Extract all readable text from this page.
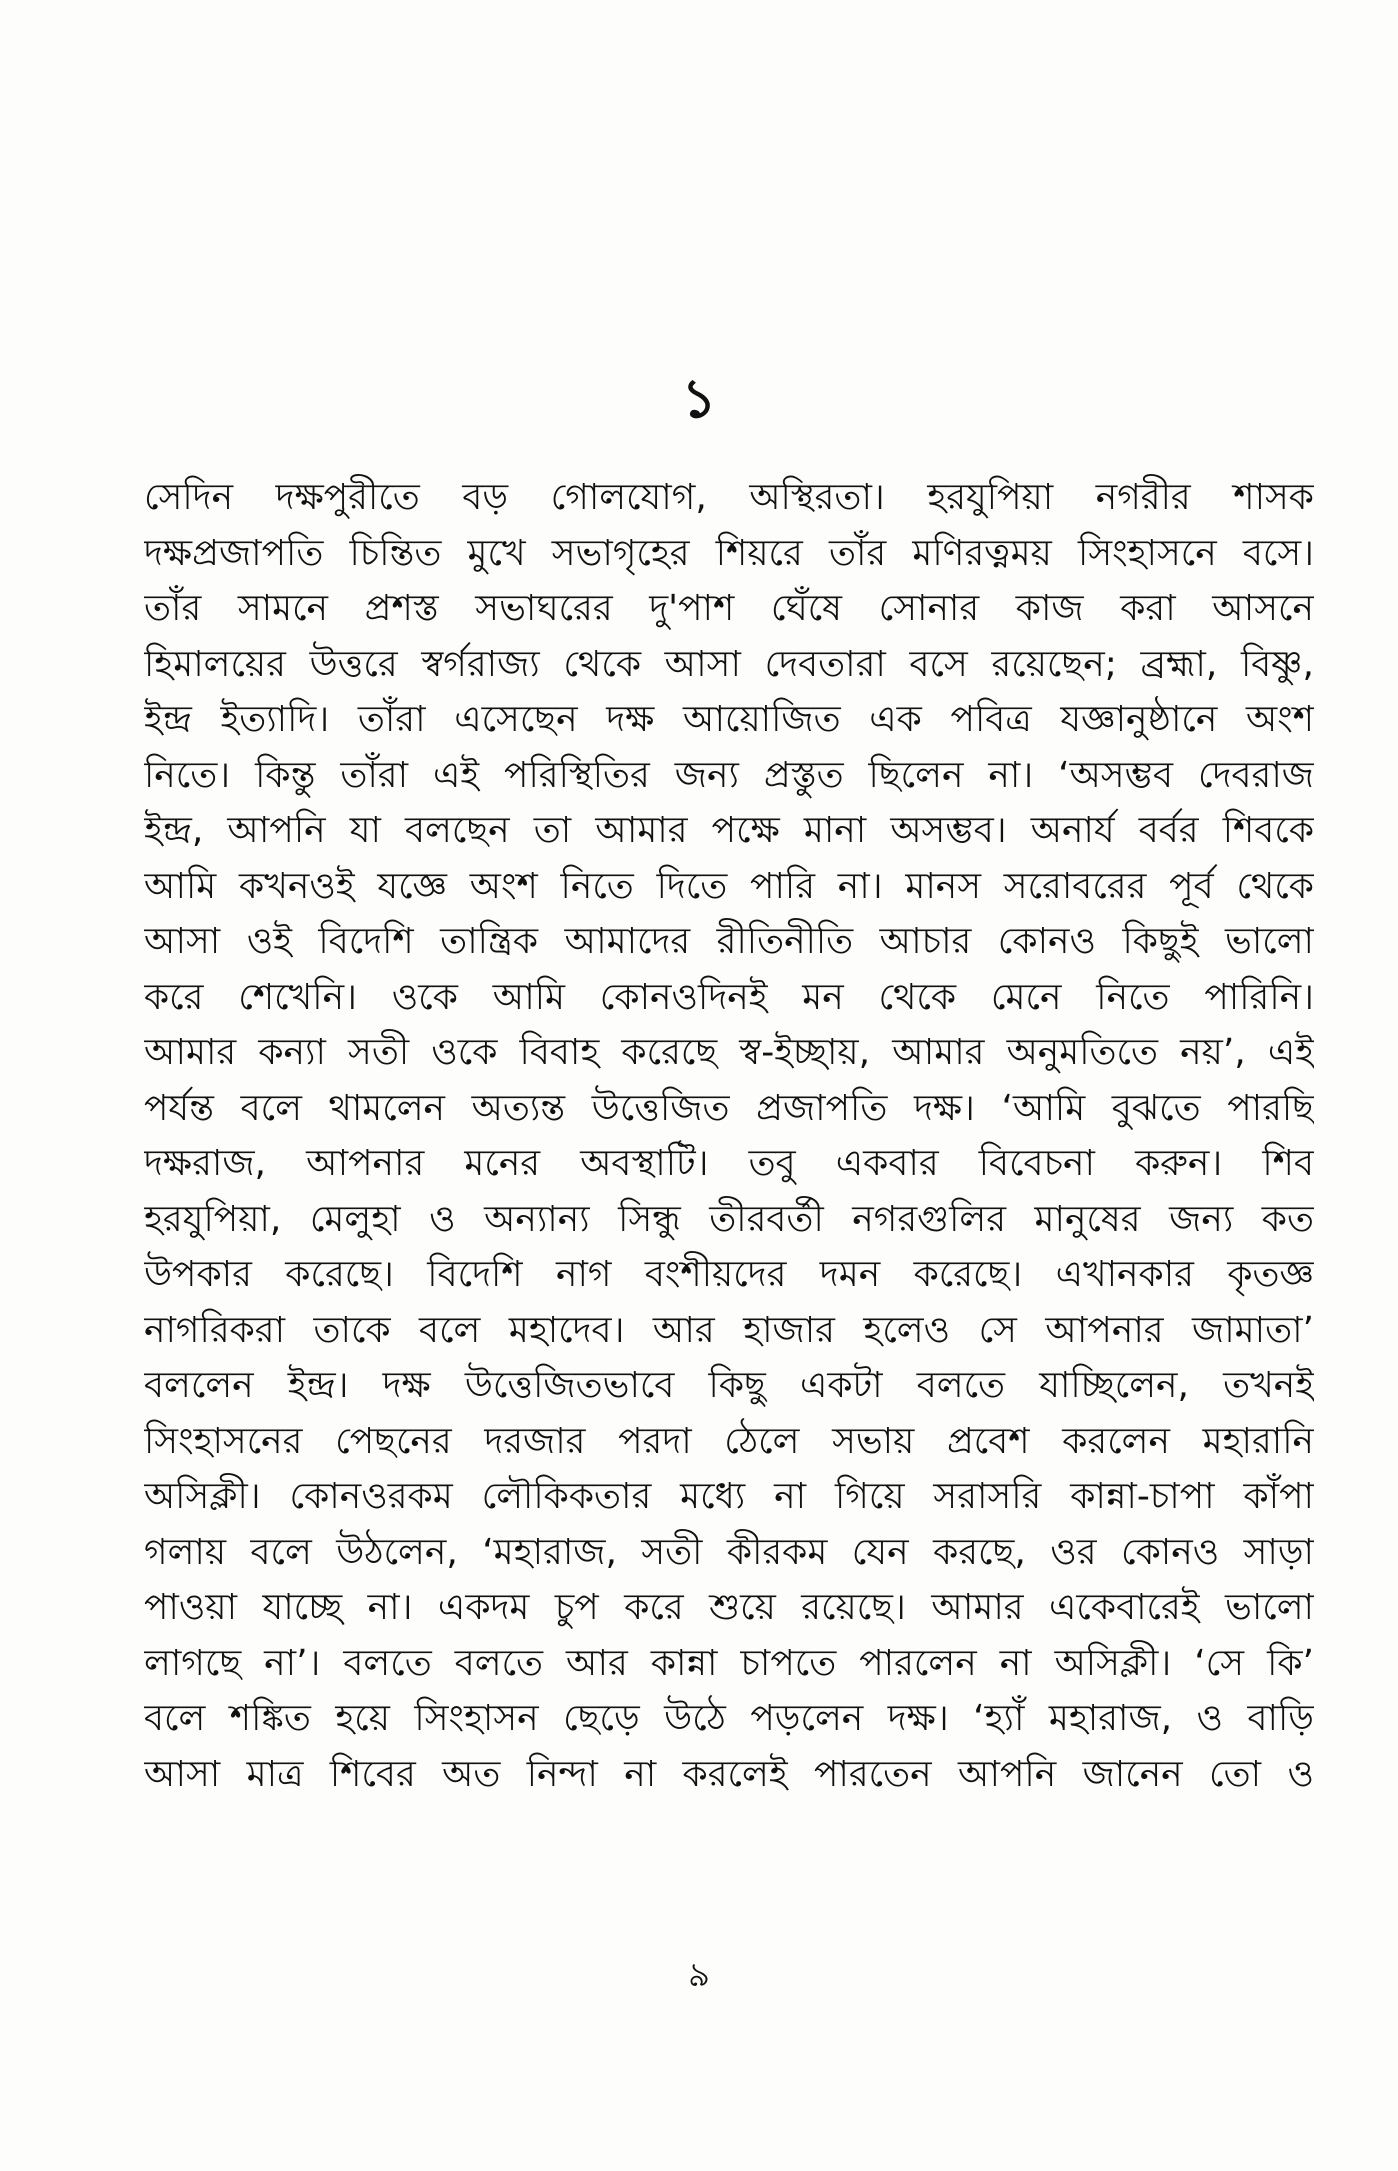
১
সেদিন দক্ষপুরীতে বড় গোলযোগ, অস্থিরতা। হরযুপিয়া নগরীর শাসক
দক্ষপ্রজাপতি চিন্তিত মুখে সভাগৃহের শিয়রে তাঁর মণিরত্নময় সিংহাসনে বসে।
তাঁর সামনে প্রশস্ত সভাঘরের দু'পাশ ঘেঁষে সোনার কাজ করা আসনে
হিমালয়ের উত্তরে স্বর্গরাজ্য থেকে আসা দেবতারা বসে রয়েছেন; ব্রহ্মা, বিষ্ণু,
ইন্দ্র ইত্যাদি। তাঁরা এসেছেন দক্ষ আয়োজিত এক পবিত্র যজ্ঞানুষ্ঠানে অংশ
নিতে। কিন্তু তাঁরা এই পরিস্থিতির জন্য প্রস্তুত ছিলেন না। ‘অসম্ভব দেবরাজ
ইন্দ্র, আপনি যা বলছেন তা আমার পক্ষে মানা অসম্ভব। অনার্য বর্বর শিবকে
আমি কখনওই যজ্ঞে অংশ নিতে দিতে পারি না। মানস সরোবরের পূর্ব থেকে
আসা ওই বিদেশি তান্ত্রিক আমাদের রীতিনীতি আচার কোনও কিছুই ভালো
করে শেখেনি। ওকে আমি কোনওদিনই মন থেকে মেনে নিতে পারিনি।
আমার কন্যা সতী ওকে বিবাহ করেছে স্ব-ইচ্ছায়, আমার অনুমতিতে নয়’, এই
পর্যন্ত বলে থামলেন অত্যন্ত উত্তেজিত প্রজাপতি দক্ষ। ‘আমি বুঝতে পারছি
দক্ষরাজ, আপনার মনের অবস্থাটি। তবু একবার বিবেচনা করুন। শিব
হরযুপিয়া, মেলুহা ও অন্যান্য সিন্ধু তীরবর্তী নগরগুলির মানুষের জন্য কত
উপকার করেছে। বিদেশি নাগ বংশীয়দের দমন করেছে। এখানকার কৃতজ্ঞ
নাগরিকরা তাকে বলে মহাদেব। আর হাজার হলেও সে আপনার জামাতা’
বললেন ইন্দ্র। দক্ষ উত্তেজিতভাবে কিছু একটা বলতে যাচ্ছিলেন, তখনই
সিংহাসনের পেছনের দরজার পরদা ঠেলে সভায় প্রবেশ করলেন মহারানি
অসিক্লী। কোনওরকম লৌকিকতার মধ্যে না গিয়ে সরাসরি কান্না-চাপা কাঁপা
গলায় বলে উঠলেন, ‘মহারাজ, সতী কীরকম যেন করছে, ওর কোনও সাড়া
পাওয়া যাচ্ছে না। একদম চুপ করে শুয়ে রয়েছে। আমার একেবারেই ভালো
লাগছে না’। বলতে বলতে আর কান্না চাপতে পারলেন না অসিক্লী। ‘সে কি’
বলে শঙ্কিত হয়ে সিংহাসন ছেড়ে উঠে পড়লেন দক্ষ। ‘হ্যাঁ মহারাজ, ও বাড়ি
আসা মাত্র শিবের অত নিন্দা না করলেই পারতেন আপনি জানেন তো ও
৯
